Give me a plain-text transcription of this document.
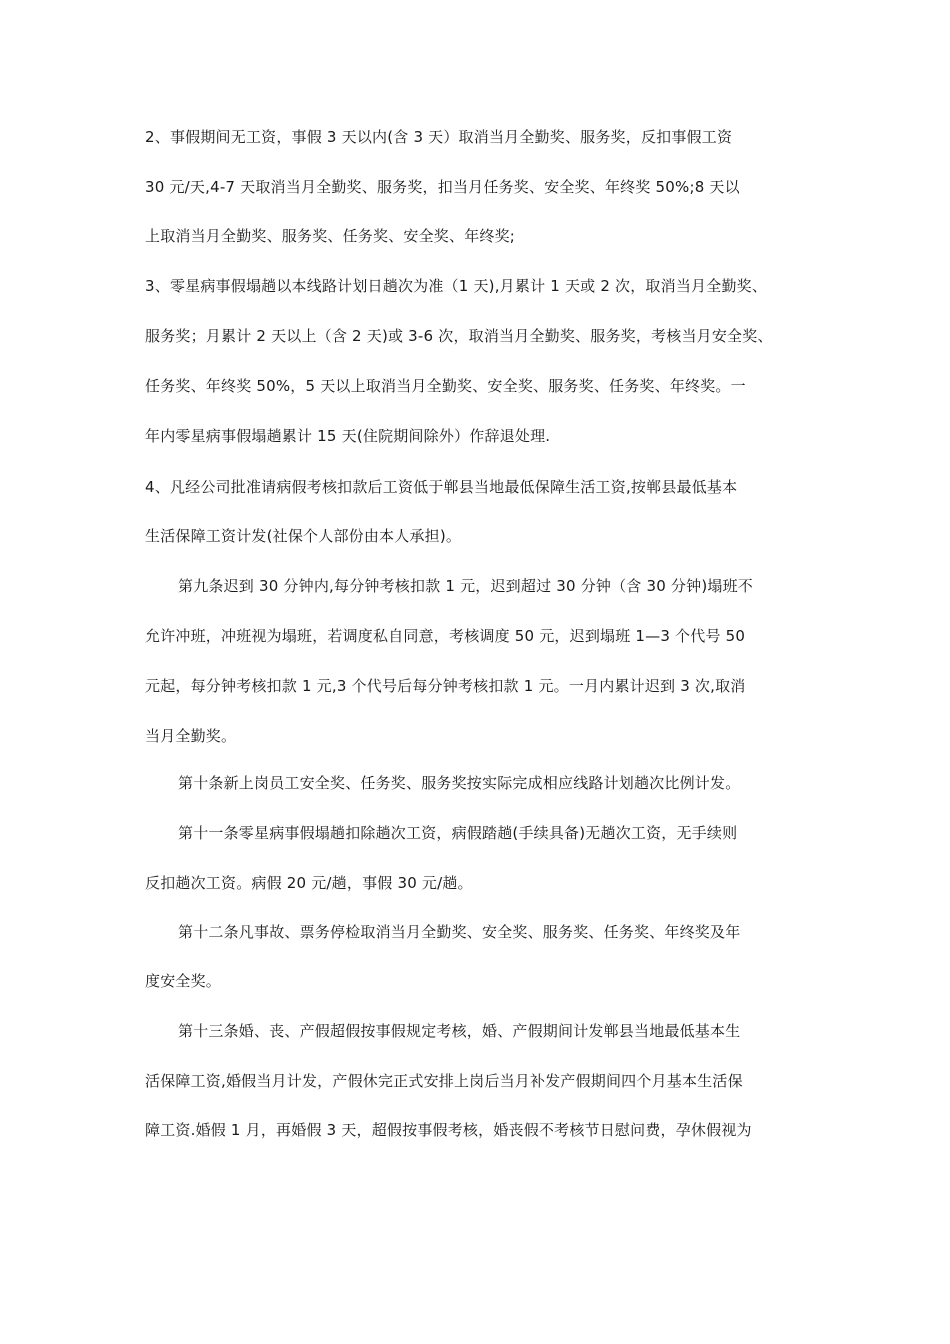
2、事假期间无工资，事假 3 天以内(含 3 天）取消当月全勤奖、服务奖，反扣事假工资
30 元/天,4-7 天取消当月全勤奖、服务奖，扣当月任务奖、安全奖、年终奖 50%;8 天以
上取消当月全勤奖、服务奖、任务奖、安全奖、年终奖;
3、零星病事假塌趟以本线路计划日趟次为准（1 天),月累计 1 天或 2 次，取消当月全勤奖、
服务奖；月累计 2 天以上（含 2 天)或 3-6 次，取消当月全勤奖、服务奖，考核当月安全奖、
任务奖、年终奖 50%，5 天以上取消当月全勤奖、安全奖、服务奖、任务奖、年终奖。一
年内零星病事假塌趟累计 15 天(住院期间除外）作辞退处理.
4、凡经公司批准请病假考核扣款后工资低于郸县当地最低保障生活工资,按郸县最低基本
生活保障工资计发(社保个人部份由本人承担)。
第九条迟到 30 分钟内,每分钟考核扣款 1 元，迟到超过 30 分钟（含 30 分钟)塌班不
允许冲班，冲班视为塌班，若调度私自同意，考核调度 50 元，迟到塌班 1—3 个代号 50
元起，每分钟考核扣款 1 元,3 个代号后每分钟考核扣款 1 元。一月内累计迟到 3 次,取消
当月全勤奖。
第十条新上岗员工安全奖、任务奖、服务奖按实际完成相应线路计划趟次比例计发。
第十一条零星病事假塌趟扣除趟次工资，病假踏趟(手续具备)无趟次工资，无手续则
反扣趟次工资。病假 20 元/趟，事假 30 元/趟。
第十二条凡事故、票务停检取消当月全勤奖、安全奖、服务奖、任务奖、年终奖及年
度安全奖。
第十三条婚、丧、产假超假按事假规定考核，婚、产假期间计发郸县当地最低基本生
活保障工资,婚假当月计发，产假休完正式安排上岗后当月补发产假期间四个月基本生活保
障工资.婚假 1 月，再婚假 3 天，超假按事假考核，婚丧假不考核节日慰问费，孕休假视为
